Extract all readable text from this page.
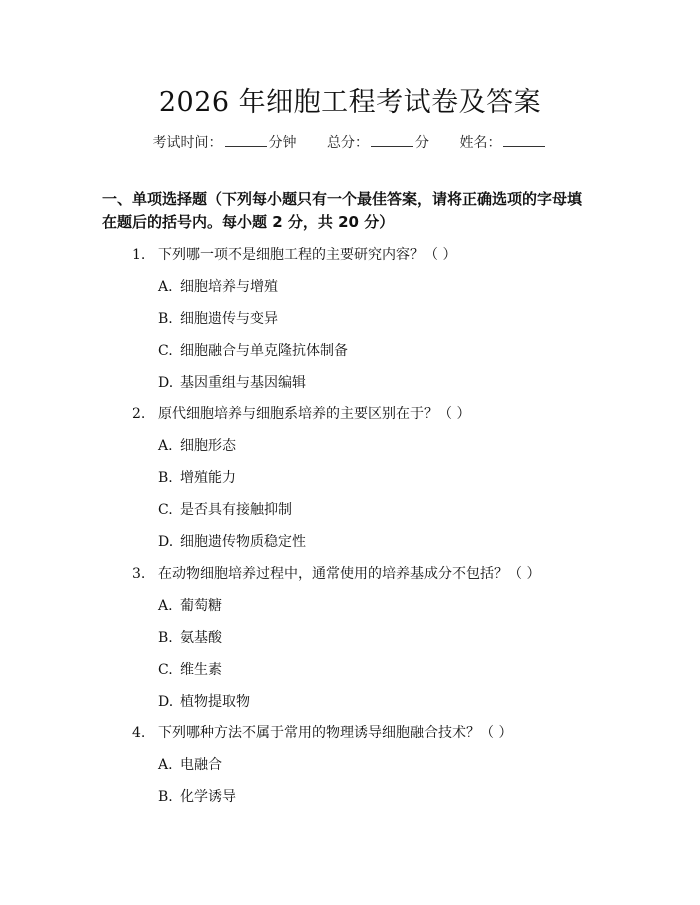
2026 年细胞工程考试卷及答案
考试时间：	分钟 总分：	分 姓名：
一、单项选择题（下列每小题只有一个最佳答案，请将正确选项的字母填在题后的括号内。每小题 2 分，共 20 分）
1. 下列哪一项不是细胞工程的主要研究内容？（ ）
A. 细胞培养与增殖
B. 细胞遗传与变异
C. 细胞融合与单克隆抗体制备
D. 基因重组与基因编辑
2. 原代细胞培养与细胞系培养的主要区别在于？（ ）
A. 细胞形态
B. 增殖能力
C. 是否具有接触抑制
D. 细胞遗传物质稳定性
3. 在动物细胞培养过程中，通常使用的培养基成分不包括？（ ）
A. 葡萄糖
B. 氨基酸
C. 维生素
D. 植物提取物
4. 下列哪种方法不属于常用的物理诱导细胞融合技术？（ ）
A. 电融合
B. 化学诱导
